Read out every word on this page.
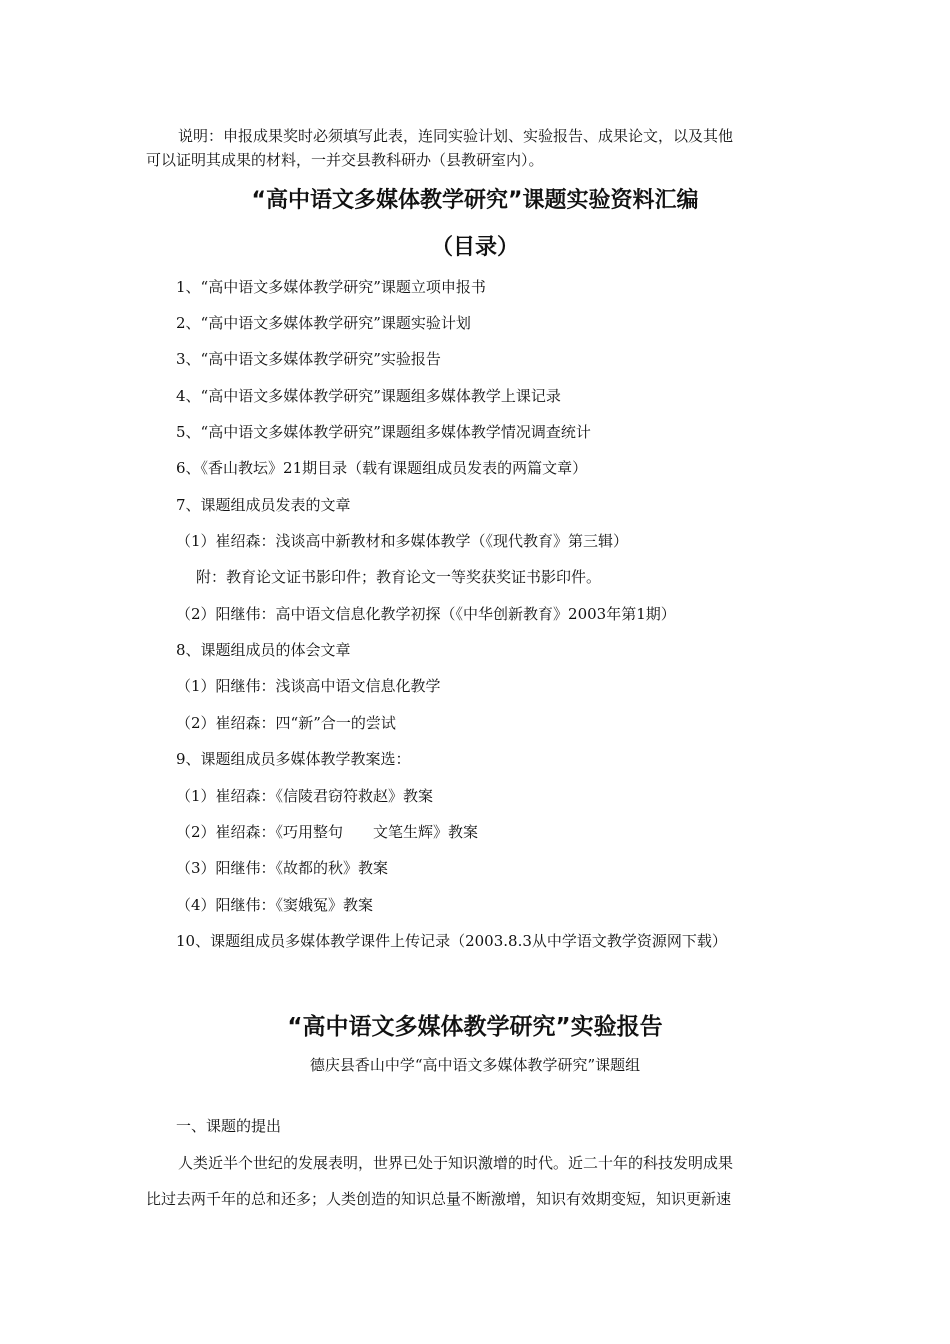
说明：申报成果奖时必须填写此表，连同实验计划、实验报告、成果论文，以及其他

可以证明其成果的材料，一并交县教科研办（县教研室内）。

“高中语文多媒体教学研究”课题实验资料汇编
（目录）
1、“高中语文多媒体教学研究”课题立项申报书
2、“高中语文多媒体教学研究”课题实验计划
3、“高中语文多媒体教学研究”实验报告
4、“高中语文多媒体教学研究”课题组多媒体教学上课记录
5、“高中语文多媒体教学研究”课题组多媒体教学情况调查统计
6、《香山教坛》21期目录（载有课题组成员发表的两篇文章）
7、课题组成员发表的文章
（1）崔绍森：浅谈高中新教材和多媒体教学（《现代教育》第三辑）
附：教育论文证书影印件；教育论文一等奖获奖证书影印件。
（2）阳继伟：高中语文信息化教学初探（《中华创新教育》2003年第1期）
8、课题组成员的体会文章
（1）阳继伟：浅谈高中语文信息化教学
（2）崔绍森：四“新”合一的尝试
9、课题组成员多媒体教学教案选：
（1）崔绍森：《信陵君窃符救赵》教案
（2）崔绍森：《巧用整句　　文笔生辉》教案
（3）阳继伟：《故都的秋》教案
（4）阳继伟：《窦娥冤》教案
10、课题组成员多媒体教学课件上传记录（2003.8.3从中学语文教学资源网下载）
“高中语文多媒体教学研究”实验报告
德庆县香山中学“高中语文多媒体教学研究”课题组
一、课题的提出

人类近半个世纪的发展表明，世界已处于知识激增的时代。近二十年的科技发明成果

比过去两千年的总和还多；人类创造的知识总量不断激增，知识有效期变短，知识更新速
